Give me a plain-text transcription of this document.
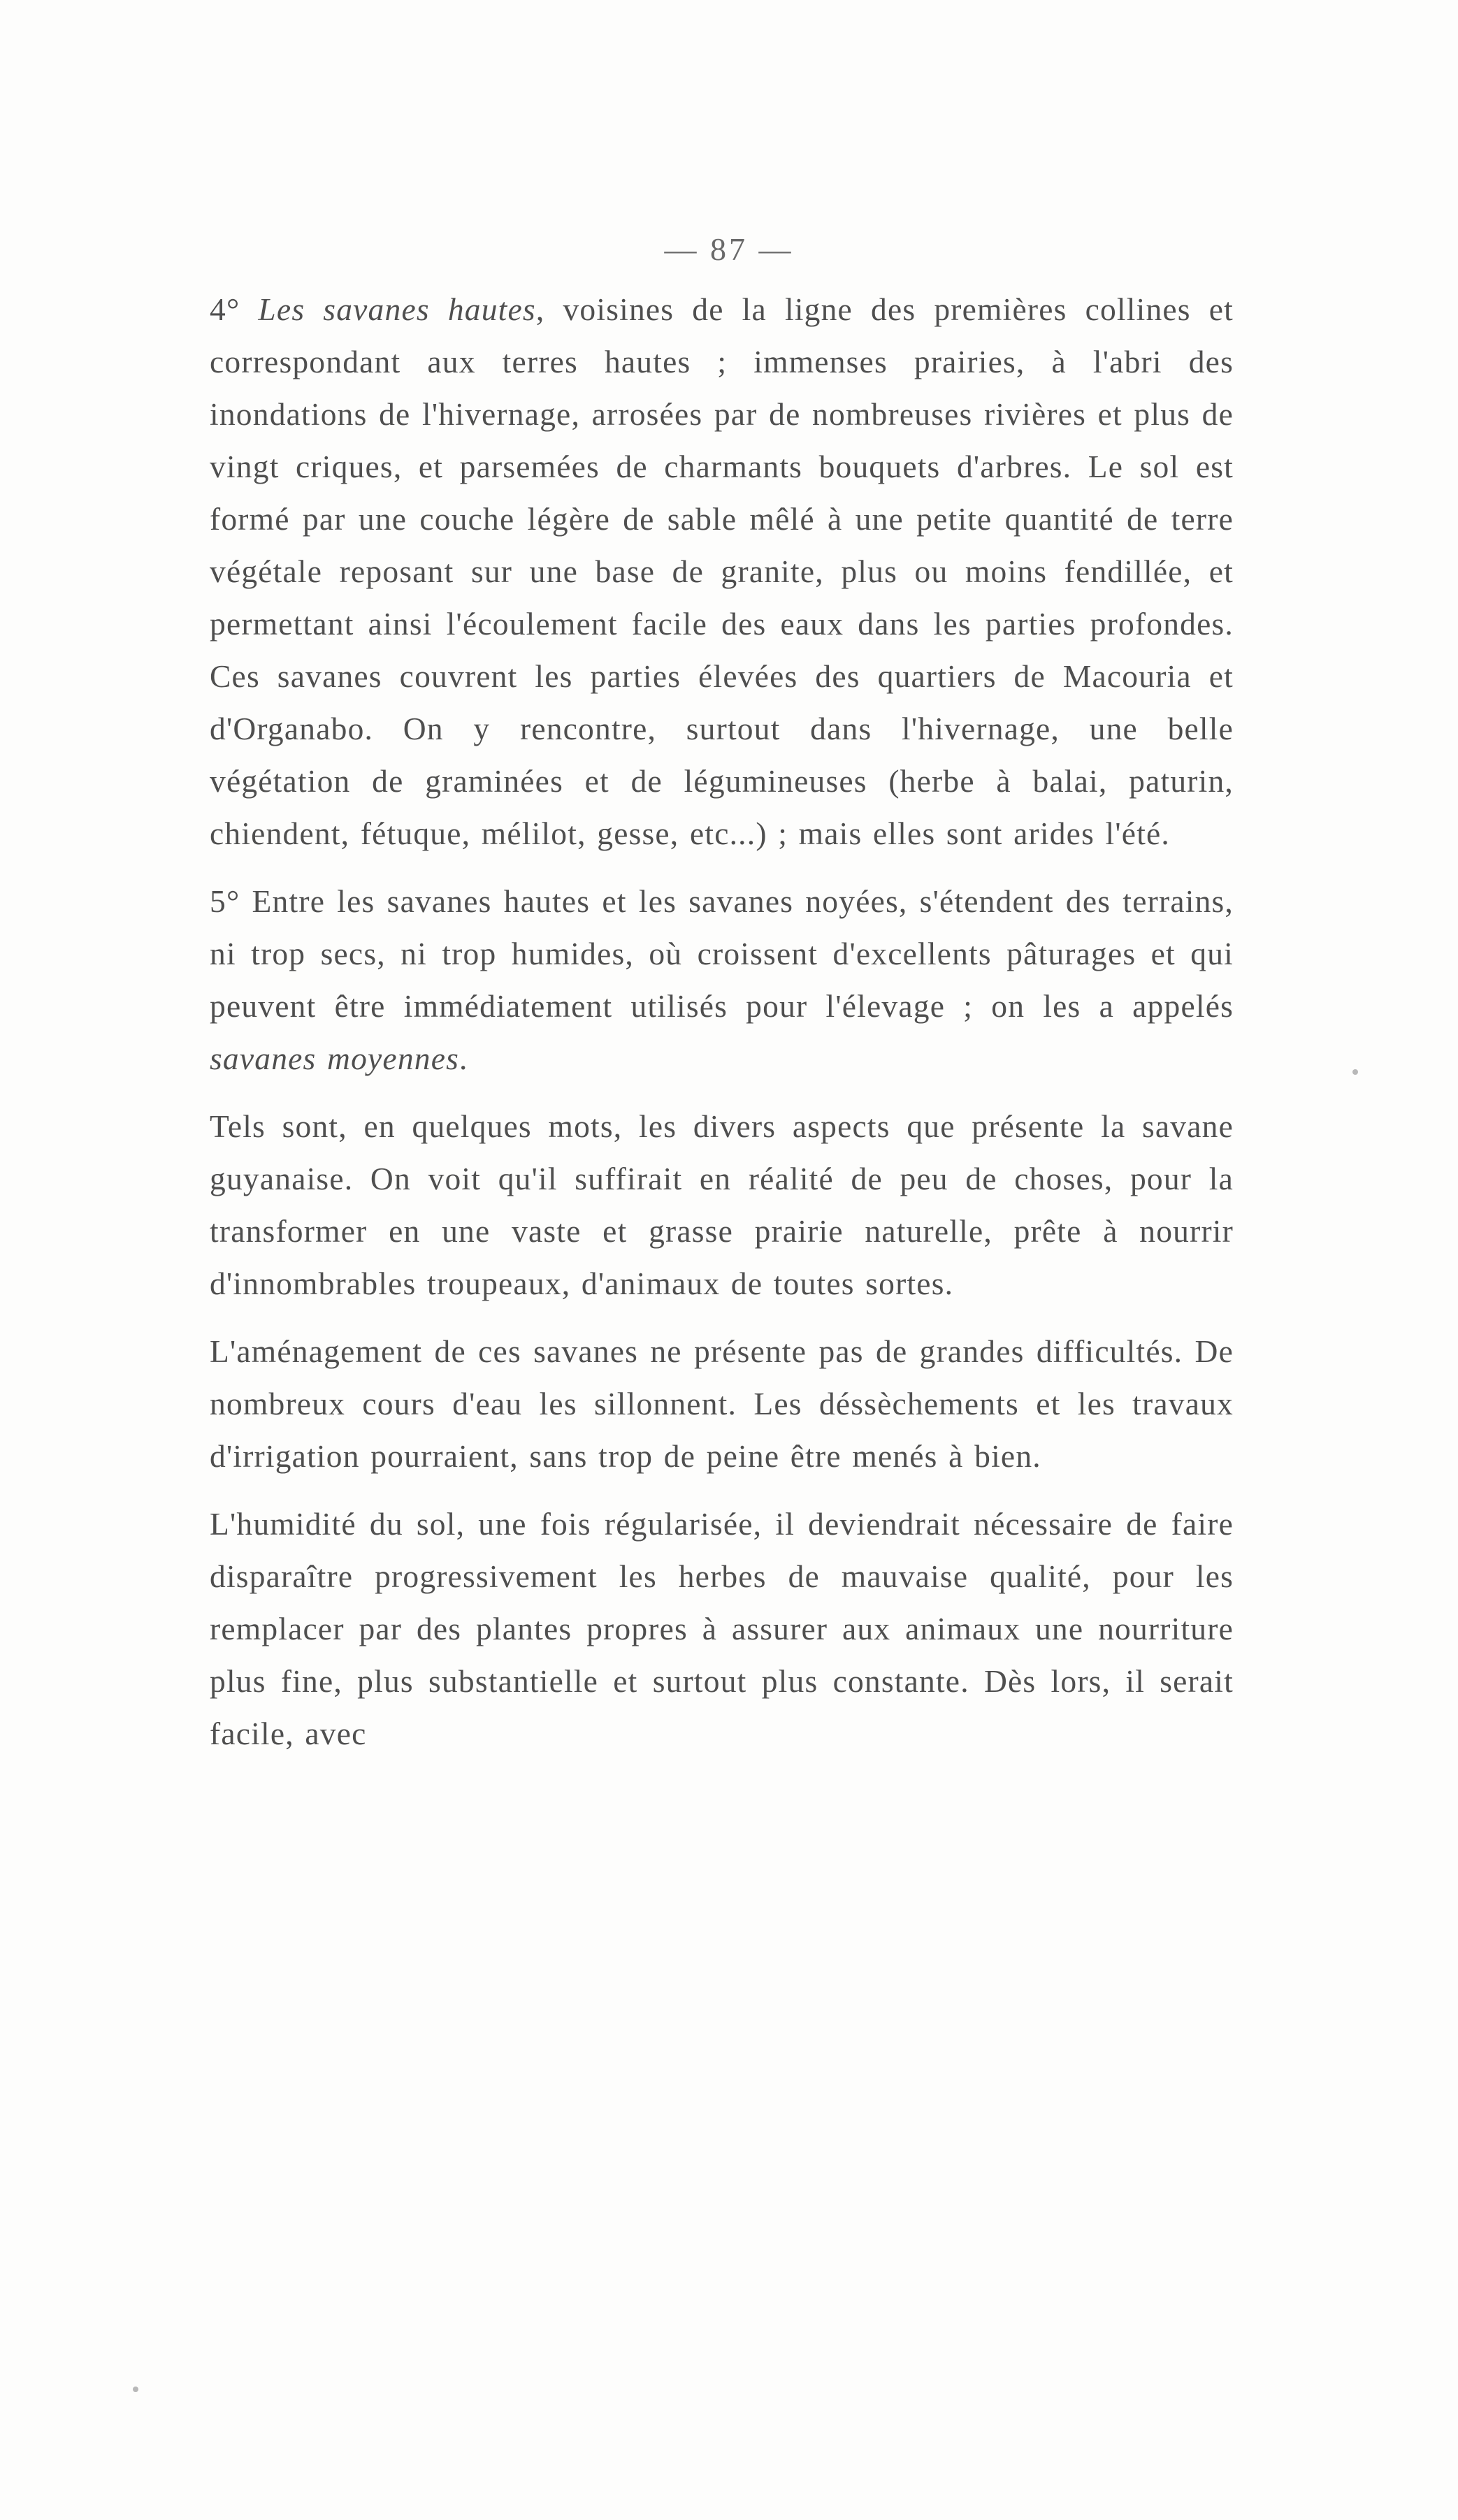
— 87 —

4° Les savanes hautes, voisines de la ligne des premières collines et correspondant aux terres hautes ; immenses prairies, à l'abri des inondations de l'hivernage, arrosées par de nombreuses rivières et plus de vingt criques, et parsemées de charmants bouquets d'arbres. Le sol est formé par une couche légère de sable mêlé à une petite quantité de terre végétale reposant sur une base de granite, plus ou moins fendillée, et permettant ainsi l'écoulement facile des eaux dans les parties profondes. Ces savanes couvrent les parties élevées des quartiers de Macouria et d'Organabo. On y rencontre, surtout dans l'hivernage, une belle végétation de graminées et de légumineuses (herbe à balai, paturin, chiendent, fétuque, mélilot, gesse, etc...) ; mais elles sont arides l'été.

5° Entre les savanes hautes et les savanes noyées, s'étendent des terrains, ni trop secs, ni trop humides, où croissent d'excellents pâturages et qui peuvent être immédiatement utilisés pour l'élevage ; on les a appelés savanes moyennes.

Tels sont, en quelques mots, les divers aspects que présente la savane guyanaise. On voit qu'il suffirait en réalité de peu de choses, pour la transformer en une vaste et grasse prairie naturelle, prête à nourrir d'innombrables troupeaux, d'animaux de toutes sortes.

L'aménagement de ces savanes ne présente pas de grandes difficultés. De nombreux cours d'eau les sillonnent. Les déssèchements et les travaux d'irrigation pourraient, sans trop de peine être menés à bien.

L'humidité du sol, une fois régularisée, il deviendrait nécessaire de faire disparaître progressivement les herbes de mauvaise qualité, pour les remplacer par des plantes propres à assurer aux animaux une nourriture plus fine, plus substantielle et surtout plus constante. Dès lors, il serait facile, avec
